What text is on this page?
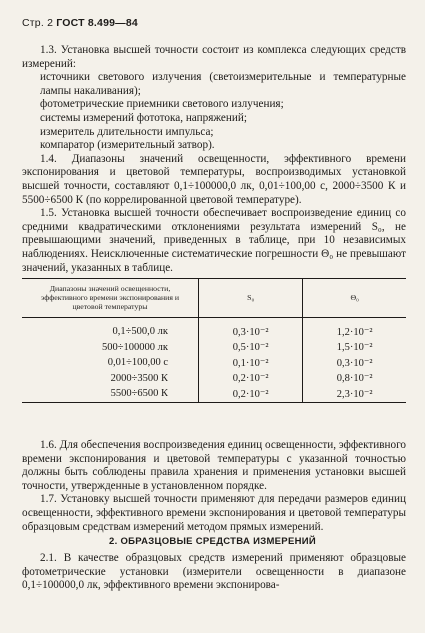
Стр. 2 ГОСТ 8.499—84

1.3. Установка высшей точности состоит из комплекса следующих средств измерений:

источники светового излучения (светоизмерительные и температурные лампы накаливания);

фотометрические приемники светового излучения;

системы измерений фототока, напряжений;

измеритель длительности импульса;

компаратор (измерительный затвор).

1.4. Диапазоны значений освещенности, эффективного времени экспонирования и цветовой температуры, воспроизводимых установкой высшей точности, составляют 0,1÷100000,0 лк, 0,01÷100,00 с, 2000÷3500 К и 5500÷6500 К (по коррелированной цветовой температуре).

1.5. Установка высшей точности обеспечивает воспроизведение единиц со средними квадратическими отклонениями результата измерений S₀, не превышающими значений, приведенных в таблице, при 10 независимых наблюдениях. Неисключенные систематические погрешности Θ₀ не превышают значений, указанных в таблице.

Диапазоны значений освещенности, эффективного времени экспонирования и цветовой температуры	S₀	Θ₀
0,1÷500,0 лк	0,3·10⁻²	1,2·10⁻²
500÷100000 лк	0,5·10⁻²	1,5·10⁻²
0,01÷100,00 с	0,1·10⁻²	0,3·10⁻²
2000÷3500 К	0,2·10⁻²	0,8·10⁻²
5500÷6500 К	0,2·10⁻²	2,3·10⁻²

1.6. Для обеспечения воспроизведения единиц освещенности, эффективного времени экспонирования и цветовой температуры с указанной точностью должны быть соблюдены правила хранения и применения установки высшей точности, утвержденные в установленном порядке.

1.7. Установку высшей точности применяют для передачи размеров единиц освещенности, эффективного времени экспонирования и цветовой температуры образцовым средствам измерений методом прямых измерений.

2. ОБРАЗЦОВЫЕ СРЕДСТВА ИЗМЕРЕНИЙ

2.1. В качестве образцовых средств измерений применяют образцовые фотометрические установки (измерители освещенности в диапазоне 0,1÷100000,0 лк, эффективного времени экспонирова-
